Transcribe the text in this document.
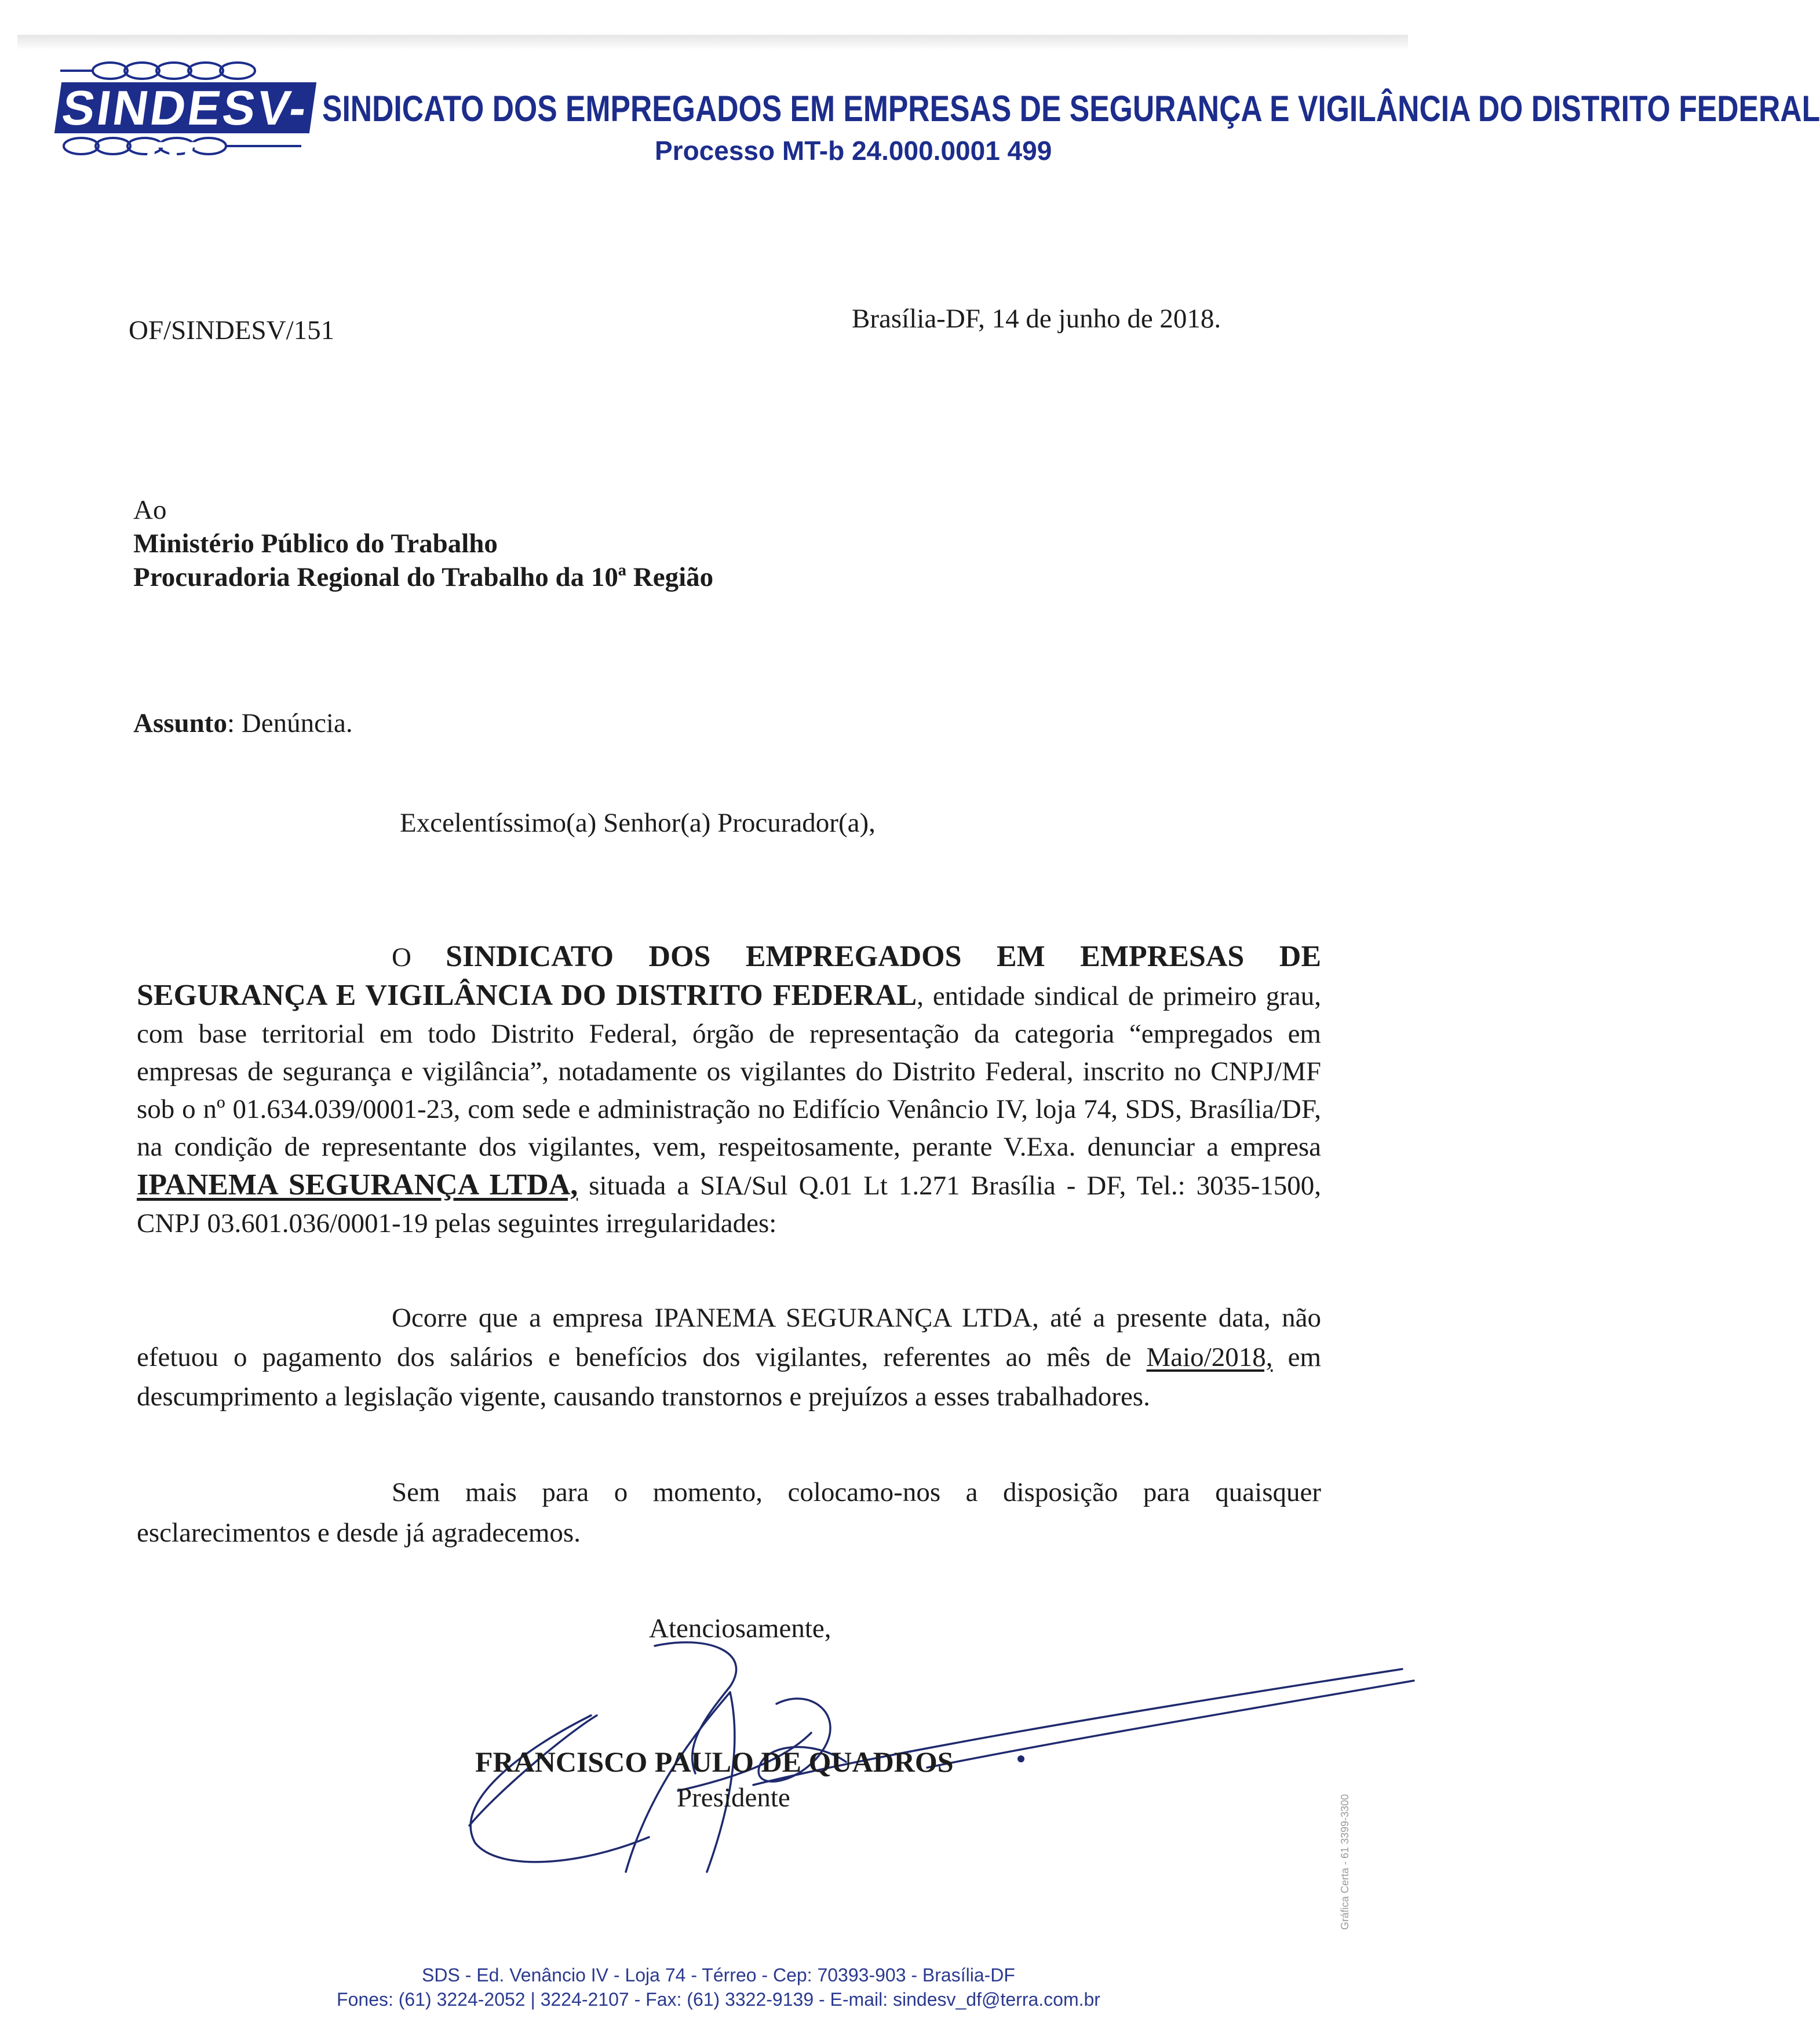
SINDESV-DF
SINDICATO DOS EMPREGADOS EM EMPRESAS DE SEGURANÇA E VIGILÂNCIA DO DISTRITO FEDERAL
Processo MT-b 24.000.0001 499
OF/SINDESV/151	Brasília-DF, 14 de junho de 2018.
Ao
Ministério Público do Trabalho
Procuradoria Regional do Trabalho da 10ª Região
Assunto: Denúncia.
Excelentíssimo(a) Senhor(a) Procurador(a),
O SINDICATO DOS EMPREGADOS EM EMPRESAS DE SEGURANÇA E VIGILÂNCIA DO DISTRITO FEDERAL, entidade sindical de primeiro grau, com base territorial em todo Distrito Federal, órgão de representação da categoria “empregados em empresas de segurança e vigilância”, notadamente os vigilantes do Distrito Federal, inscrito no CNPJ/MF sob o nº 01.634.039/0001-23, com sede e administração no Edifício Venâncio IV, loja 74, SDS, Brasília/DF, na condição de representante dos vigilantes, vem, respeitosamente, perante V.Exa. denunciar a empresa IPANEMA SEGURANÇA LTDA, situada a SIA/Sul Q.01 Lt 1.271 Brasília - DF, Tel.: 3035-1500, CNPJ 03.601.036/0001-19 pelas seguintes irregularidades:
Ocorre que a empresa IPANEMA SEGURANÇA LTDA, até a presente data, não efetuou o pagamento dos salários e benefícios dos vigilantes, referentes ao mês de Maio/2018, em descumprimento a legislação vigente, causando transtornos e prejuízos a esses trabalhadores.
Sem mais para o momento, colocamo-nos a disposição para quaisquer esclarecimentos e desde já agradecemos.
Atenciosamente,
FRANCISCO PAULO DE QUADROS
Presidente
SDS - Ed. Venâncio IV - Loja 74 - Térreo - Cep: 70393-903 - Brasília-DF
Fones: (61) 3224-2052 | 3224-2107 - Fax: (61) 3322-9139 - E-mail: sindesv_df@terra.com.br
Gráfica Certa - 61 3399-3300
